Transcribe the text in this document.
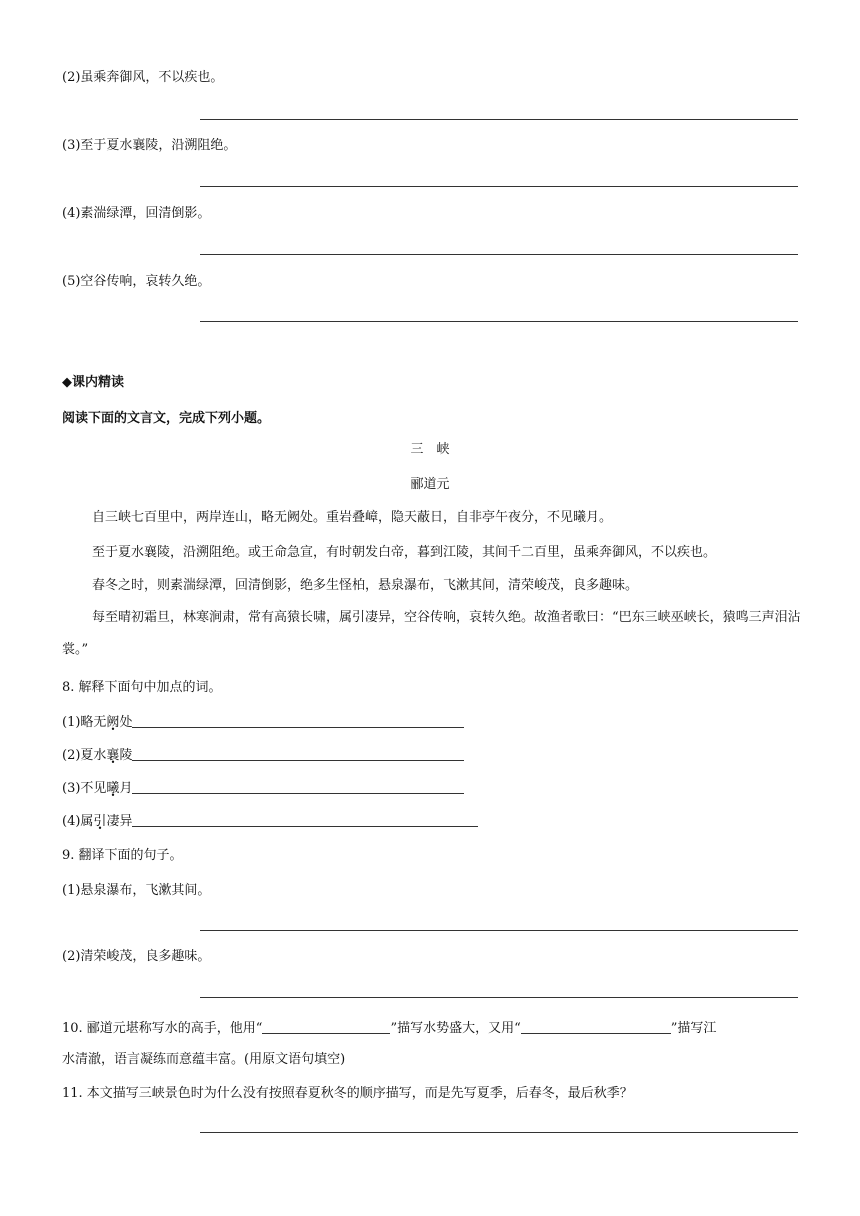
(2)虽乘奔御风，不以疾也。
(3)至于夏水襄陵，沿溯阻绝。
(4)素湍绿潭，回清倒影。
(5)空谷传响，哀转久绝。
◆课内精读
阅读下面的文言文，完成下列小题。
三　峡
郦道元
自三峡七百里中，两岸连山，略无阙处。重岩叠嶂，隐天蔽日，自非亭午夜分，不见曦月。
至于夏水襄陵，沿溯阻绝。或王命急宣，有时朝发白帝，暮到江陵，其间千二百里，虽乘奔御风，不以疾也。
春冬之时，则素湍绿潭，回清倒影，绝多生怪柏，悬泉瀑布，飞漱其间，清荣峻茂，良多趣味。
每至晴初霜旦，林寒涧肃，常有高猿长啸，属引凄异，空谷传响，哀转久绝。故渔者歌曰：“巴东三峡巫峡长，猿鸣三声泪沾裳。”
8. 解释下面句中加点的词。
(1)略无阙处
(2)夏水襄陵
(3)不见曦月
(4)属引凄异
9. 翻译下面的句子。
(1)悬泉瀑布，飞漱其间。
(2)清荣峻茂，良多趣味。
10. 郦道元堪称写水的高手，他用“	”描写水势盛大，又用“	”描写江
水清澈，语言凝练而意蕴丰富。(用原文语句填空)
11. 本文描写三峡景色时为什么没有按照春夏秋冬的顺序描写，而是先写夏季，后春冬，最后秋季？
